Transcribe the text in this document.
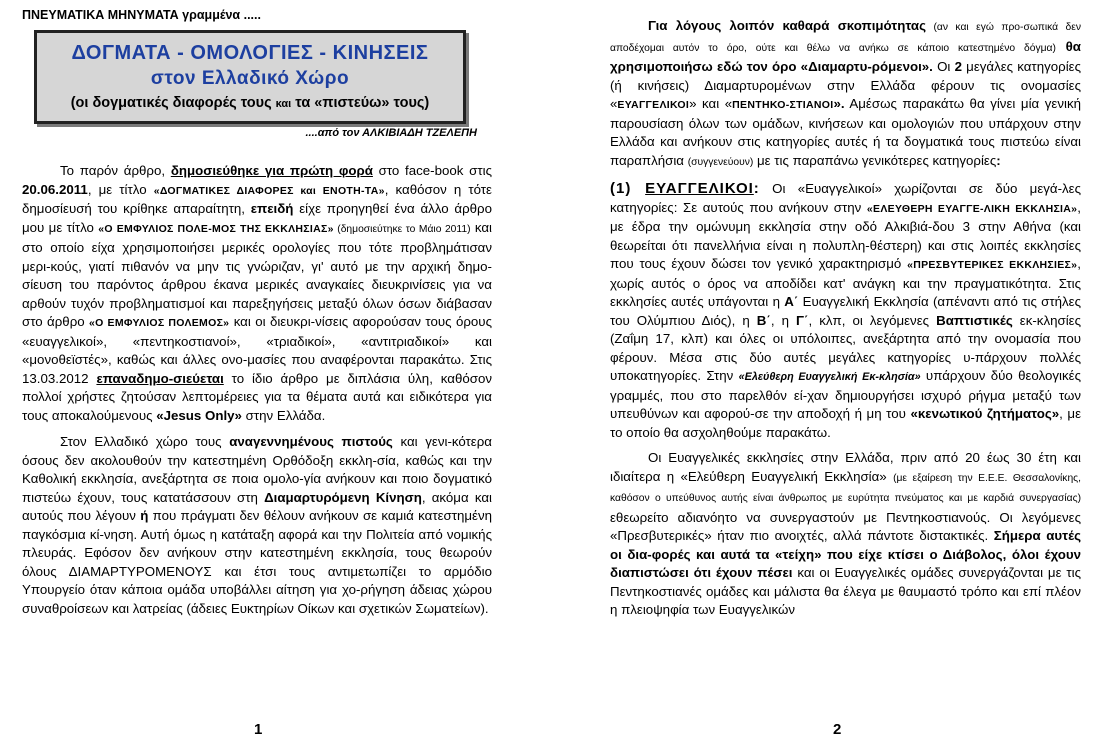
ΠΝΕΥΜΑΤΙΚΑ ΜΗΝΥΜΑΤΑ γραμμένα .....
ΔΟΓΜΑΤΑ - ΟΜΟΛΟΓΙΕΣ - ΚΙΝΗΣΕΙΣ
στον Ελλαδικό Χώρο
(οι δογματικές διαφορές τους και τα «πιστεύω» τους)
....από τον ΑΛΚΙΒΙΑΔΗ ΤΖΕΛΕΠΗ

Το παρόν άρθρο, δημοσιεύθηκε για πρώτη φορά στο face-book στις 20.06.2011, με τίτλο «ΔΟΓΜΑΤΙΚΕΣ ΔΙΑΦΟΡΕΣ και ΕΝΟΤΗ-ΤΑ», καθόσον η τότε δημοσίευσή του κρίθηκε απαραίτητη, επειδή είχε προηγηθεί ένα άλλο άρθρο μου με τίτλο «Ο ΕΜΦΥΛΙΟΣ ΠΟΛΕ-ΜΟΣ ΤΗΣ ΕΚΚΛΗΣΙΑΣ» (δημοσιεύτηκε το Μάιο 2011) και στο οποίο είχα χρησιμοποιήσει μερικές ορολογίες που τότε προβλημάτισαν μερι-κούς, γιατί πιθανόν να μην τις γνώριζαν, γι' αυτό με την αρχική δημο-σίευση του παρόντος άρθρου έκανα μερικές αναγκαίες διευκρινίσεις για να αρθούν τυχόν προβληματισμοί και παρεξηγήσεις μεταξύ όλων όσων διάβασαν στο άρθρο «Ο ΕΜΦΥΛΙΟΣ ΠΟΛΕΜΟΣ» και οι διευκρι-νίσεις αφορούσαν τους όρους «ευαγγελικοί», «πεντηκοστιανοί», «τριαδικοί», «αντιτριαδικοί» και «μονοθεϊστές», καθώς και άλλες ονο-μασίες που αναφέρονται παρακάτω. Στις 13.03.2012 επαναδημο-σιεύεται το ίδιο άρθρο με διπλάσια ύλη, καθόσον πολλοί χρήστες ζητούσαν λεπτομέρειες για τα θέματα αυτά και ειδικότερα για τους αποκαλούμενους «Jesus Only» στην Ελλάδα.

Στον Ελλαδικό χώρο τους αναγεννημένους πιστούς και γενι-κότερα όσους δεν ακολουθούν την κατεστημένη Ορθόδοξη εκκλη-σία, καθώς και την Καθολική εκκλησία, ανεξάρτητα σε ποια ομολο-γία ανήκουν και ποιο δογματικό πιστεύω έχουν, τους κατατάσσουν στη Διαμαρτυρόμενη Κίνηση, ακόμα και αυτούς που λέγουν ή που πράγματι δεν θέλουν ανήκουν σε καμιά κατεστημένη παγκόσμια κί-νηση. Αυτή όμως η κατάταξη αφορά και την Πολιτεία από νομικής πλευράς. Εφόσον δεν ανήκουν στην κατεστημένη εκκλησία, τους θεωρούν όλους ΔΙΑΜΑΡΤΥΡΟΜΕΝΟΥΣ και έτσι τους αντιμετωπίζει το αρμόδιο Υπουργείο όταν κάποια ομάδα υποβάλλει αίτηση για χο-ρήγηση άδειας χώρου συναθροίσεων και λατρείας (άδειες Ευκτηρίων Οίκων και σχετικών Σωματείων).

1

Για λόγους λοιπόν καθαρά σκοπιμότητας (αν και εγώ προ-σωπικά δεν αποδέχομαι αυτόν το όρο, ούτε και θέλω να ανήκω σε κάποιο κατεστημένο δόγμα) θα χρησιμοποιήσω εδώ τον όρο «Διαμαρτυ-ρόμενοι». Οι 2 μεγάλες κατηγορίες (ή κινήσεις) Διαμαρτυρομένων στην Ελλάδα φέρουν τις ονομασίες «ΕΥΑΓΓΕΛΙΚΟΙ» και «ΠΕΝΤΗΚΟ-ΣΤΙΑΝΟΙ». Αμέσως παρακάτω θα γίνει μία γενική παρουσίαση όλων των ομάδων, κινήσεων και ομολογιών που υπάρχουν στην Ελλάδα και ανήκουν στις κατηγορίες αυτές ή τα δογματικά τους πιστεύω είναι παραπλήσια (συγγενεύουν) με τις παραπάνω γενικότερες κατηγορίες:

(1) ΕΥΑΓΓΕΛΙΚΟΙ: Οι «Ευαγγελικοί» χωρίζονται σε δύο μεγά-λες κατηγορίες: Σε αυτούς που ανήκουν στην «ΕΛΕΥΘΕΡΗ ΕΥΑΓΓΕ-ΛΙΚΗ ΕΚΚΛΗΣΙΑ», με έδρα την ομώνυμη εκκλησία στην οδό Αλκιβιά-δου 3 στην Αθήνα (και θεωρείται ότι πανελλήνια είναι η πολυπλη-θέστερη) και στις λοιπές εκκλησίες που τους έχουν δώσει τον γενικό χαρακτηρισμό «ΠΡΕΣΒΥΤΕΡΙΚΕΣ ΕΚΚΛΗΣΙΕΣ», χωρίς αυτός ο όρος να αποδίδει κατ' ανάγκη και την πραγματικότητα. Στις εκκλησίες αυτές υπάγονται η Α΄ Ευαγγελική Εκκλησία (απέναντι από τις στήλες του Ολύμπιου Διός), η Β΄, η Γ΄, κλπ, οι λεγόμενες Βαπτιστικές εκ-κλησίες (Ζαΐμη 17, κλπ) και όλες οι υπόλοιπες, ανεξάρτητα από την ονομασία που φέρουν. Μέσα στις δύο αυτές μεγάλες κατηγορίες υ-πάρχουν πολλές υποκατηγορίες. Στην «Ελεύθερη Ευαγγελική Εκ-κλησία» υπάρχουν δύο θεολογικές γραμμές, που στο παρελθόν εί-χαν δημιουργήσει ισχυρό ρήγμα μεταξύ των υπευθύνων και αφορού-σε την αποδοχή ή μη του «κενωτικού ζητήματος», με το οποίο θα ασχοληθούμε παρακάτω.

Οι Ευαγγελικές εκκλησίες στην Ελλάδα, πριν από 20 έως 30 έτη και ιδιαίτερα η «Ελεύθερη Ευαγγελική Εκκλησία» (με εξαίρεση την Ε.Ε.Ε. Θεσσαλονίκης, καθόσον ο υπεύθυνος αυτής είναι άνθρωπος με ευρύτητα πνεύματος και με καρδιά συνεργασίας) εθεωρείτο αδιανόητο να συνεργαστούν με Πεντηκοστιανούς. Οι λεγόμενες «Πρεσβυτερικές» ήταν πιο ανοιχτές, αλλά πάντοτε διστακτικές. Σήμερα αυτές οι δια-φορές και αυτά τα «τείχη» που είχε κτίσει ο Διάβολος, όλοι έχουν διαπιστώσει ότι έχουν πέσει και οι Ευαγγελικές ομάδες συνεργάζονται με τις Πεντηκοστιανές ομάδες και μάλιστα θα έλεγα με θαυμαστό τρόπο και επί πλέον η πλειοψηφία των Ευαγγελικών

2
